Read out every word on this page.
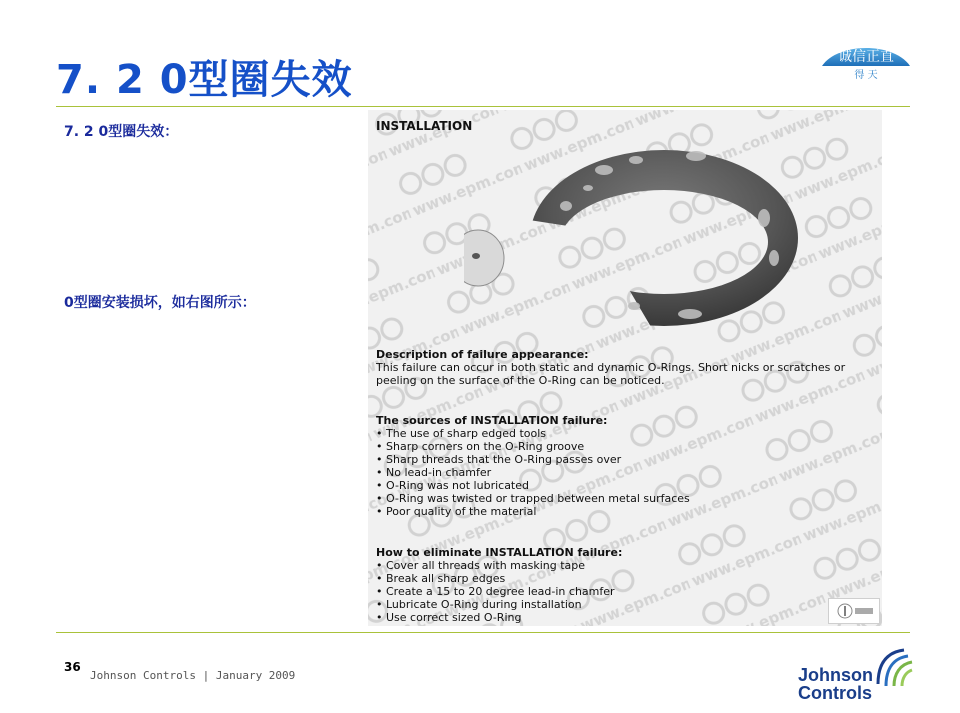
7. 2 0型圈失效	诚信正直
得 天
7. 2 0型圈失效：
0型圈安装损坏，如右图所示：
INSTALLATION
Description of failure appearance:
This failure can occur in both static and dynamic O-Rings. Short nicks or scratches or
peeling on the surface of the O-Ring can be noticed.
The sources of INSTALLATION failure:
• The use of sharp edged tools
• Sharp corners on the O-Ring groove
• Sharp threads that the O-Ring passes over
• No lead-in chamfer
• O-Ring was not lubricated
• O-Ring was twisted or trapped between metal surfaces
• Poor quality of the material
How to eliminate INSTALLATION failure:
• Cover all threads with masking tape
• Break all sharp edges
• Create a 15 to 20 degree lead-in chamfer
• Lubricate O-Ring during installation
• Use correct sized O-Ring
36
Johnson Controls | January 2009	Johnson
Controls
